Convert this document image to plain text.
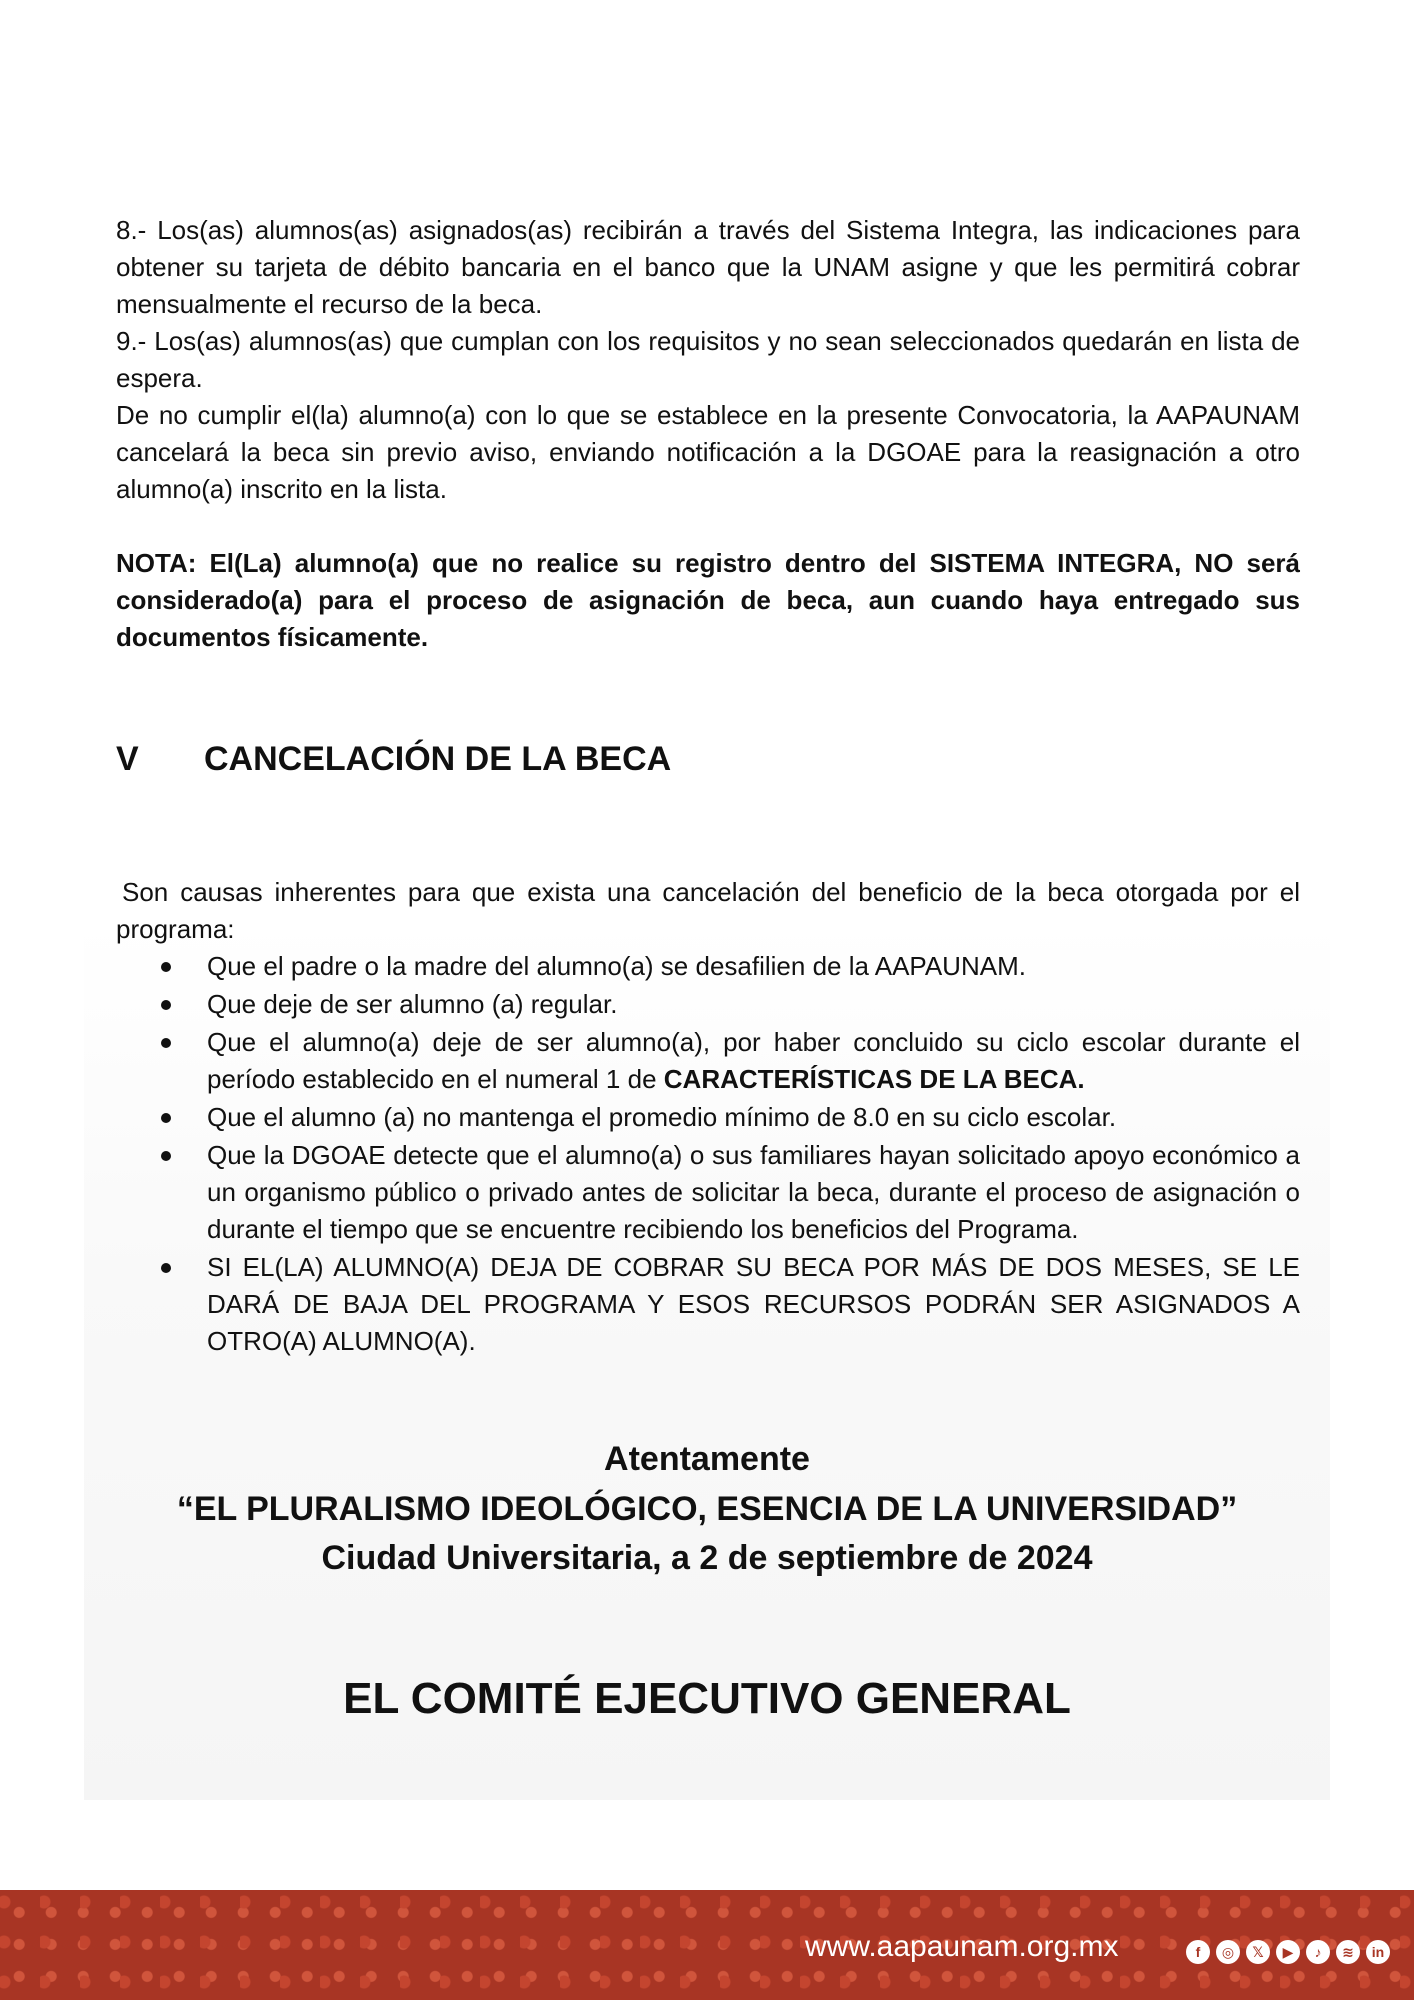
8.- Los(as) alumnos(as) asignados(as) recibirán a través del Sistema Integra, las indicaciones para obtener su tarjeta de débito bancaria en el banco que la UNAM asigne y que les permitirá cobrar mensualmente el recurso de la beca.

9.- Los(as) alumnos(as) que cumplan con los requisitos y no sean seleccionados quedarán en lista de espera.

De no cumplir el(la) alumno(a) con lo que se establece en la presente Convocatoria, la AAPAUNAM cancelará la beca sin previo aviso, enviando notificación a la DGOAE para la reasignación a otro alumno(a) inscrito en la lista.

NOTA: El(La) alumno(a) que no realice su registro dentro del SISTEMA INTEGRA, NO será considerado(a) para el proceso de asignación de beca, aun cuando haya entregado sus documentos físicamente.

V	CANCELACIÓN DE LA BECA

Son causas inherentes para que exista una cancelación del beneficio de la beca otorgada por el programa:

Que el padre o la madre del alumno(a) se desafilien de la AAPAUNAM.
Que deje de ser alumno (a) regular.
Que el alumno(a) deje de ser alumno(a), por haber concluido su ciclo escolar durante el período establecido en el numeral 1 de CARACTERÍSTICAS DE LA BECA.
Que el alumno (a) no mantenga el promedio mínimo de 8.0 en su ciclo escolar.
Que la DGOAE detecte que el alumno(a) o sus familiares hayan solicitado apoyo económico a un organismo público o privado antes de solicitar la beca, durante el proceso de asignación o durante el tiempo que se encuentre recibiendo los beneficios del Programa.
SI EL(LA) ALUMNO(A) DEJA DE COBRAR SU BECA POR MÁS DE DOS MESES, SE LE DARÁ DE BAJA DEL PROGRAMA Y ESOS RECURSOS PODRÁN SER ASIGNADOS A OTRO(A) ALUMNO(A).
Atentamente
“EL PLURALISMO IDEOLÓGICO, ESENCIA DE LA UNIVERSIDAD”
Ciudad Universitaria, a 2 de septiembre de 2024
EL COMITÉ EJECUTIVO GENERAL
www.aapaunam.org.mx	f	◎	𝕏	▶	♪	≋	in
